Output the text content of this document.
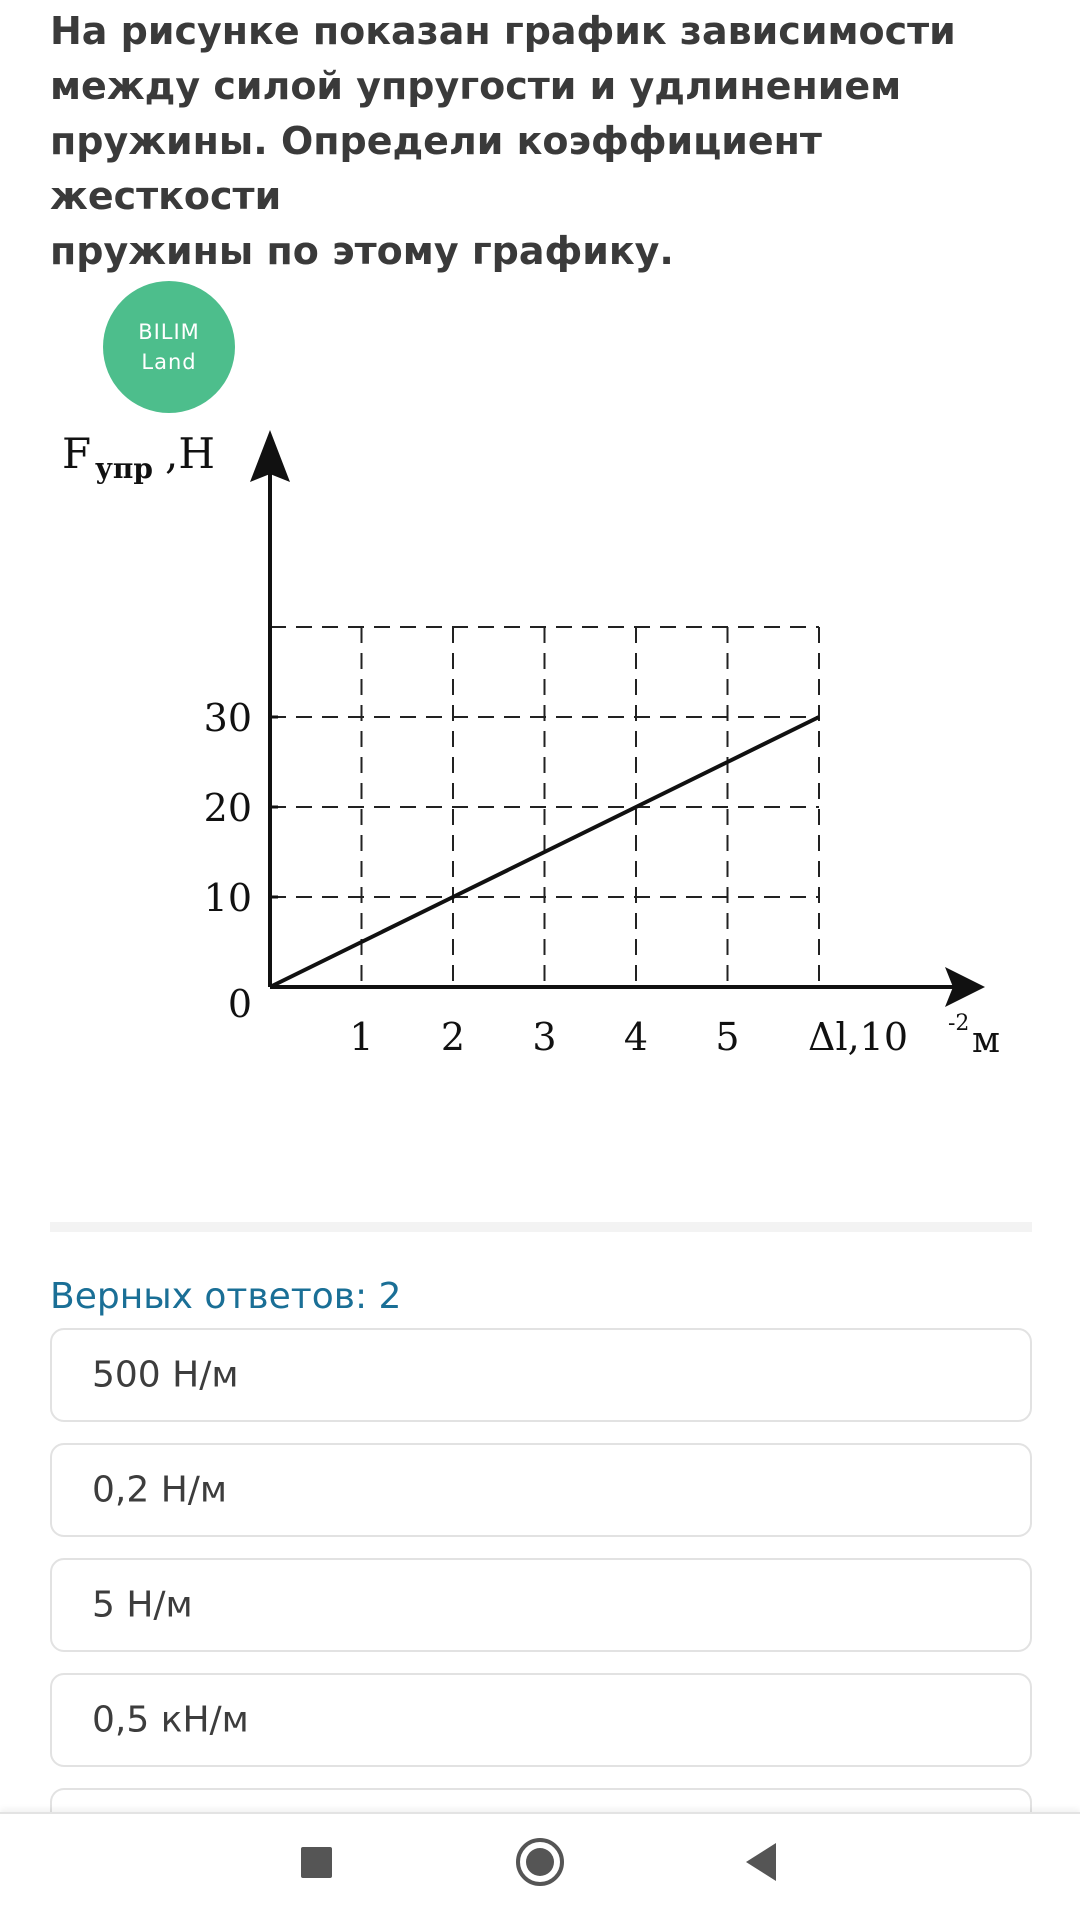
На рисунке показан график зависимости
между силой упругости и удлинением
пружины. Определи коэффициент жесткости
пружины по этому графику.
BILIM
Land
0
10
20
30
1 2 3 4 5
F упр ,Н
Δl,10 -2 м
Верных ответов: 2
500 Н/м
0,2 Н/м
5 Н/м
0,5 кН/м
